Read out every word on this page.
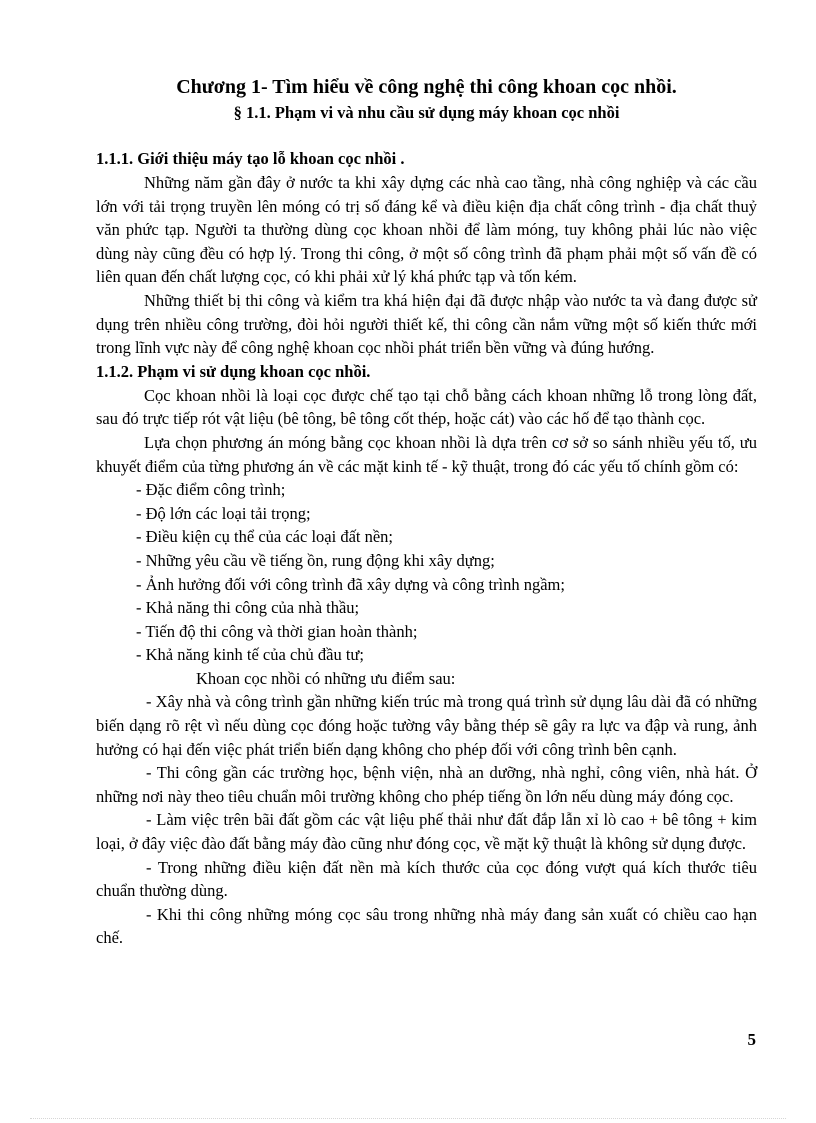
Chương 1- Tìm hiểu về công nghệ thi công khoan cọc nhồi.
§ 1.1. Phạm vi và nhu cầu sử dụng máy khoan cọc nhồi
1.1.1. Giới thiệu máy tạo lỗ khoan cọc nhồi .

Những năm gần đây ở nước ta khi xây dựng các nhà cao tầng, nhà công nghiệp và các cầu lớn với tải trọng truyền lên móng có trị số đáng kể và điều kiện địa chất công trình - địa chất thuỷ văn phức tạp. Người ta thường dùng cọc khoan nhồi để làm móng, tuy không phải lúc nào việc dùng này cũng đều có hợp lý. Trong thi công, ở một số công trình đã phạm phải một số vấn đề có liên quan đến chất lượng cọc, có khi phải xử lý khá phức tạp và tốn kém.

Những thiết bị thi công và kiểm tra khá hiện đại đã được nhập vào nước ta và đang được sử dụng trên nhiều công trường, đòi hỏi người thiết kế, thi công cần nắm vững một số kiến thức mới trong lĩnh vực này để công nghệ khoan cọc nhồi phát triển bền vững và đúng hướng.

1.1.2. Phạm vi sử dụng khoan cọc nhồi.

Cọc khoan nhồi là loại cọc được chế tạo tại chỗ bằng cách khoan những lỗ trong lòng đất, sau đó trực tiếp rót vật liệu (bê tông, bê tông cốt thép, hoặc cát) vào các hố để tạo thành cọc.

Lựa chọn phương án móng bằng cọc khoan nhồi là dựa trên cơ sở so sánh nhiều yếu tố, ưu khuyết điểm của từng phương án về các mặt kinh tế - kỹ thuật, trong đó các yếu tố chính gồm có:

- Đặc điểm công trình;
- Độ lớn các loại tải trọng;
- Điều kiện cụ thể của các loại đất nền;
- Những yêu cầu về tiếng ồn, rung động khi xây dựng;
- Ảnh hưởng đối với công trình đã xây dựng và công trình ngầm;
- Khả năng thi công của nhà thầu;
- Tiến độ thi công và thời gian hoàn thành;
- Khả năng kinh tế của chủ đầu tư;

Khoan cọc nhồi có những ưu điểm sau:

- Xây nhà và công trình gần những kiến trúc mà trong quá trình sử dụng lâu dài đã có những biến dạng rõ rệt vì nếu dùng cọc đóng hoặc tường vây bằng thép sẽ gây ra lực va đập và rung, ảnh hưởng có hại đến việc phát triển biến dạng không cho phép đối với công trình bên cạnh.

- Thi công gần các trường học, bệnh viện, nhà an dưỡng, nhà nghỉ, công viên, nhà hát. Ở những nơi này theo tiêu chuẩn môi trường không cho phép tiếng ồn lớn nếu dùng máy đóng cọc.

- Làm việc trên bãi đất gồm các vật liệu phế thải như đất đắp lẫn xỉ lò cao + bê tông + kim loại, ở đây việc đào đất bằng máy đào cũng như đóng cọc, về mặt kỹ thuật là không sử dụng được.

- Trong những điều kiện đất nền mà kích thước của cọc đóng vượt quá kích thước tiêu chuẩn thường dùng.

- Khi thi công những móng cọc sâu trong những nhà máy đang sản xuất có chiều cao hạn chế.

5
